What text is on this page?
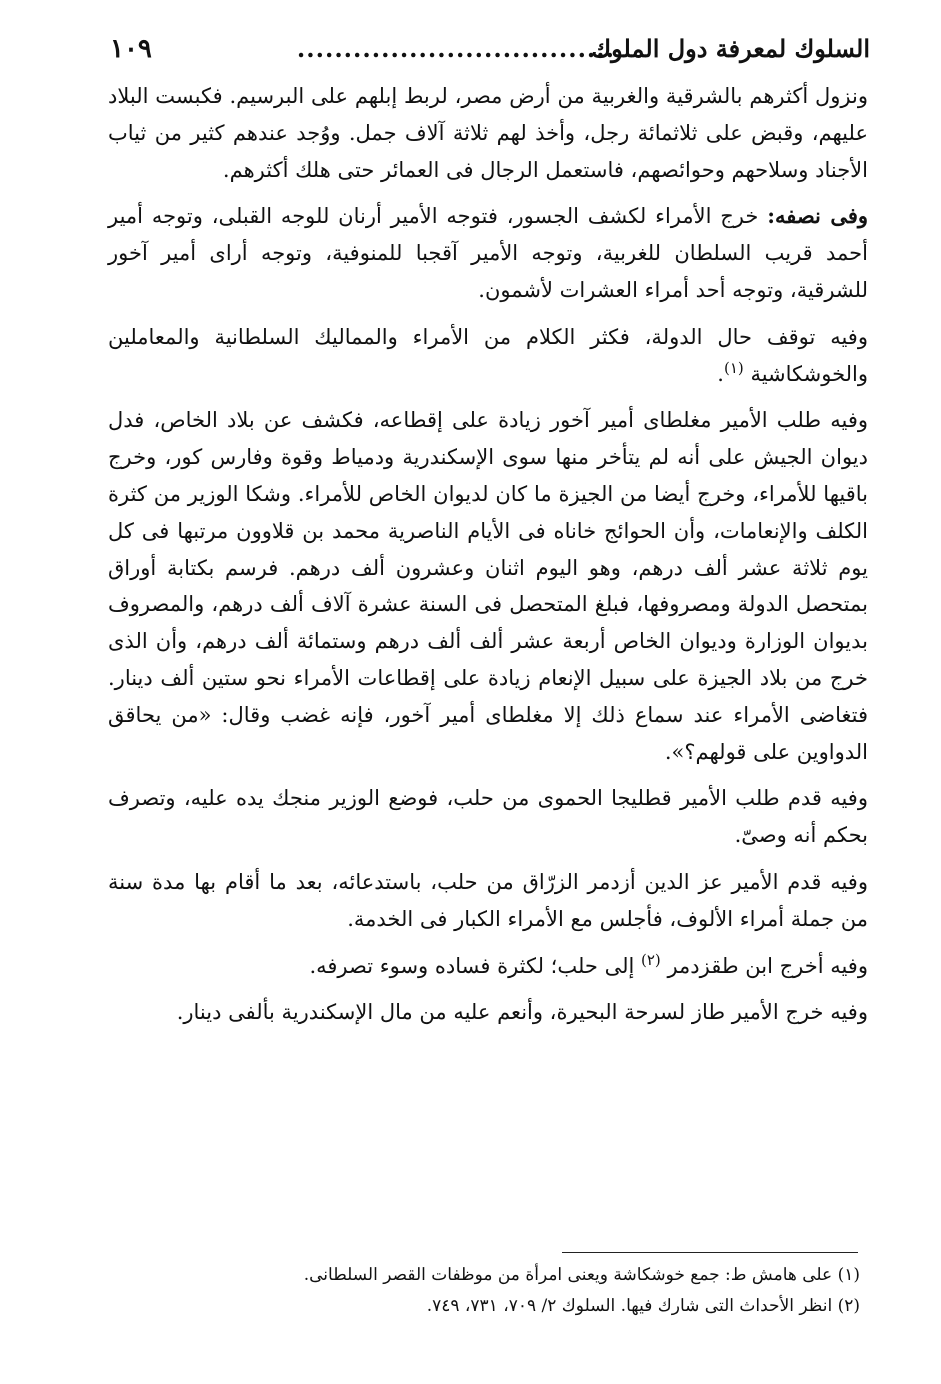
السلوك لمعرفة دول الملوك
..................................
١٠٩

ونزول أكثرهم بالشرقية والغربية من أرض مصر، لربط إبلهم على البرسيم. فكبست البلاد عليهم، وقبض على ثلاثمائة رجل، وأخذ لهم ثلاثة آلاف جمل. ووُجد عندهم كثير من ثياب الأجناد وسلاحهم وحوائصهم، فاستعمل الرجال فى العمائر حتى هلك أكثرهم.

وفى نصفه: خرج الأمراء لكشف الجسور، فتوجه الأمير أرنان للوجه القبلى، وتوجه أمير أحمد قريب السلطان للغربية، وتوجه الأمير آقجبا للمنوفية، وتوجه أراى أمير آخور للشرقية، وتوجه أحد أمراء العشرات لأشمون.

وفيه توقف حال الدولة، فكثر الكلام من الأمراء والمماليك السلطانية والمعاملين والخوشكاشية $^{(١)}$.

وفيه طلب الأمير مغلطاى أمير آخور زيادة على إقطاعه، فكشف عن بلاد الخاص، فدل ديوان الجيش على أنه لم يتأخر منها سوى الإسكندرية ودمياط وقوة وفارس كور، وخرج باقيها للأمراء، وخرج أيضا من الجيزة ما كان لديوان الخاص للأمراء. وشكا الوزير من كثرة الكلف والإنعامات، وأن الحوائج خاناه فى الأيام الناصرية محمد بن قلاوون مرتبها فى كل يوم ثلاثة عشر ألف درهم، وهو اليوم اثنان وعشرون ألف درهم. فرسم بكتابة أوراق بمتحصل الدولة ومصروفها، فبلغ المتحصل فى السنة عشرة آلاف ألف درهم، والمصروف بديوان الوزارة وديوان الخاص أربعة عشر ألف ألف درهم وستمائة ألف درهم، وأن الذى خرج من بلاد الجيزة على سبيل الإنعام زيادة على إقطاعات الأمراء نحو ستين ألف دينار. فتغاضى الأمراء عند سماع ذلك إلا مغلطاى أمير آخور، فإنه غضب وقال: «من يحاقق الدواوين على قولهم؟».

وفيه قدم طلب الأمير قطليجا الحموى من حلب، فوضع الوزير منجك يده عليه، وتصرف بحكم أنه وصىّ.

وفيه قدم الأمير عز الدين أزدمر الزرّاق من حلب، باستدعائه، بعد ما أقام بها مدة سنة من جملة أمراء الألوف، فأجلس مع الأمراء الكبار فى الخدمة.

وفيه أخرج ابن طقزدمر $^{(٢)}$ إلى حلب؛ لكثرة فساده وسوء تصرفه.

وفيه خرج الأمير طاز لسرحة البحيرة، وأنعم عليه من مال الإسكندرية بألفى دينار.

(١) على هامش ط: جمع خوشكاشة ويعنى امرأة من موظفات القصر السلطانى.

(٢) انظر الأحداث التى شارك فيها. السلوك ٢/ ٧٠٩، ٧٣١، ٧٤٩.
